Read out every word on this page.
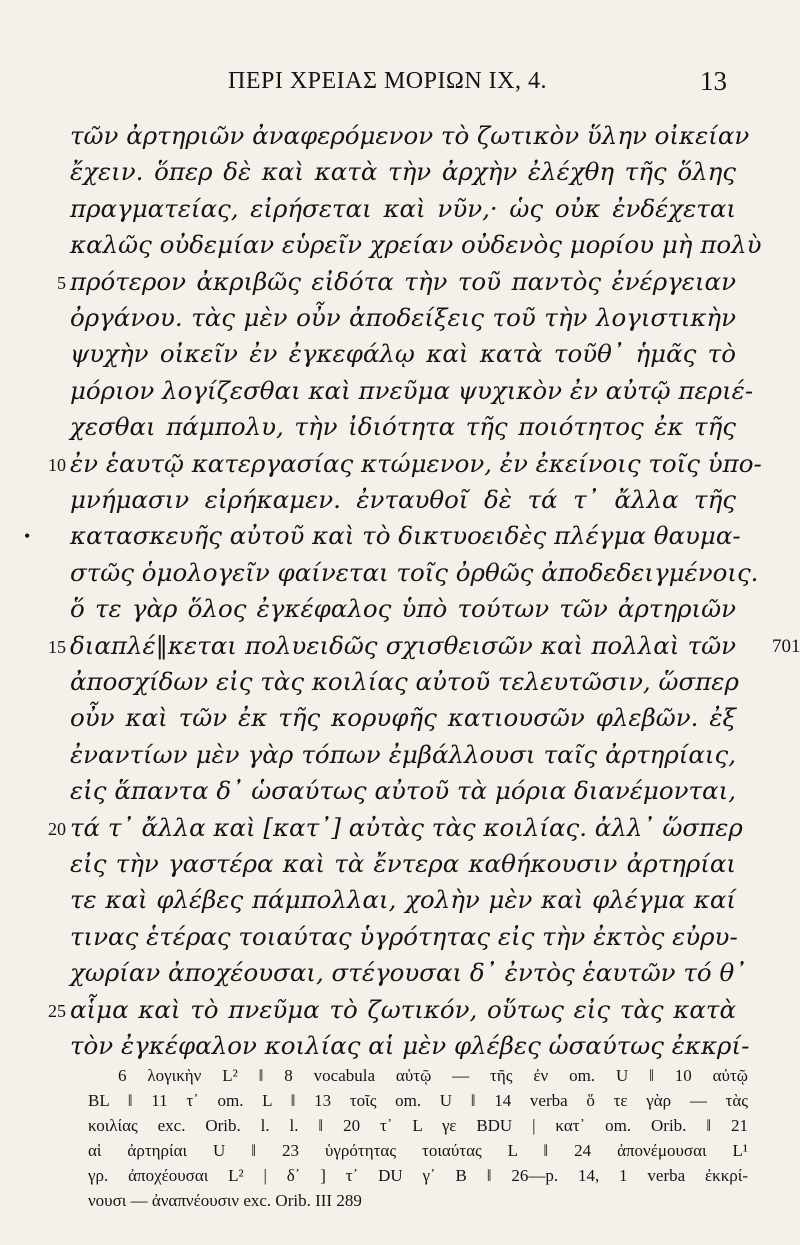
ΠΕΡΙ ΧΡΕΙΑΣ ΜΟΡΙΩΝ ΙΧ, 4.	13
τῶν ἀρτηριῶν ἀναφερόμενον τὸ ζωτικὸν ὕλην οἰκείαν
ἔχειν. ὅπερ δὲ καὶ κατὰ τὴν ἀρχὴν ἐλέχθη τῆς ὅλης
πραγματείας, εἰρήσεται καὶ νῦν,· ὡς οὐκ ἐνδέχεται
καλῶς οὐδεμίαν εὑρεῖν χρείαν οὐδενὸς μορίου μὴ πολὺ
5 πρότερον ἀκριβῶς εἰδότα τὴν τοῦ παντὸς ἐνέργειαν
ὀργάνου. τὰς μὲν οὖν ἀποδείξεις τοῦ τὴν λογιστικὴν
ψυχὴν οἰκεῖν ἐν ἐγκεφάλῳ καὶ κατὰ τοῦθ᾽ ἡμᾶς τὸ
μόριον λογίζεσθαι καὶ πνεῦμα ψυχικὸν ἐν αὐτῷ περιέ-
χεσθαι πάμπολυ, τὴν ἰδιότητα τῆς ποιότητος ἐκ τῆς
10 ἐν ἑαυτῷ κατεργασίας κτώμενον, ἐν ἐκείνοις τοῖς ὑπο-
μνήμασιν εἰρήκαμεν. ἐνταυθοῖ δὲ τά τ᾽ ἄλλα τῆς
• κατασκευῆς αὐτοῦ καὶ τὸ δικτυοειδὲς πλέγμα θαυμα-
στῶς ὁμολογεῖν φαίνεται τοῖς ὀρθῶς ἀποδεδειγμένοις.
ὅ τε γὰρ ὅλος ἐγκέφαλος ὑπὸ τούτων τῶν ἀρτηριῶν
15 διαπλέ‖κεται πολυειδῶς σχισθεισῶν καὶ πολλαὶ τῶν 701
ἀποσχίδων εἰς τὰς κοιλίας αὐτοῦ τελευτῶσιν, ὥσπερ
οὖν καὶ τῶν ἐκ τῆς κορυφῆς κατιουσῶν φλεβῶν. ἐξ
ἐναντίων μὲν γὰρ τόπων ἐμβάλλουσι ταῖς ἀρτηρίαις,
εἰς ἅπαντα δ᾽ ὡσαύτως αὐτοῦ τὰ μόρια διανέμονται,
20 τά τ᾽ ἄλλα καὶ [κατ᾽] αὐτὰς τὰς κοιλίας. ἀλλ᾽ ὥσπερ
εἰς τὴν γαστέρα καὶ τὰ ἔντερα καθήκουσιν ἀρτηρίαι
τε καὶ φλέβες πάμπολλαι, χολὴν μὲν καὶ φλέγμα καί
τινας ἑτέρας τοιαύτας ὑγρότητας εἰς τὴν ἐκτὸς εὐρυ-
χωρίαν ἀποχέουσαι, στέγουσαι δ᾽ ἐντὸς ἑαυτῶν τό θ᾽
25 αἷμα καὶ τὸ πνεῦμα τὸ ζωτικόν, οὕτως εἰς τὰς κατὰ
τὸν ἐγκέφαλον κοιλίας αἱ μὲν φλέβες ὡσαύτως ἐκκρί-
6 λογικὴν L² ‖ 8 vocabula αὐτῷ — τῆς ἐν om. U ‖ 10 αὐτῷ
BL ‖ 11 τ᾽ om. L ‖ 13 τοῖς om. U ‖ 14 verba ὅ τε γὰρ — τὰς
κοιλίας exc. Orib. l. l. ‖ 20 τ᾽ L γε BDU | κατ᾽ om. Orib. ‖ 21
αἱ ἀρτηρίαι U ‖ 23 ὑγρότητας τοιαύτας L ‖ 24 ἀπονέμουσαι L¹
γρ. ἀποχέουσαι L² | δ᾽ ] τ᾽ DU γ᾽ B ‖ 26—p. 14, 1 verba ἐκκρί-
νουσι — ἀναπνέουσιν exc. Orib. III 289
